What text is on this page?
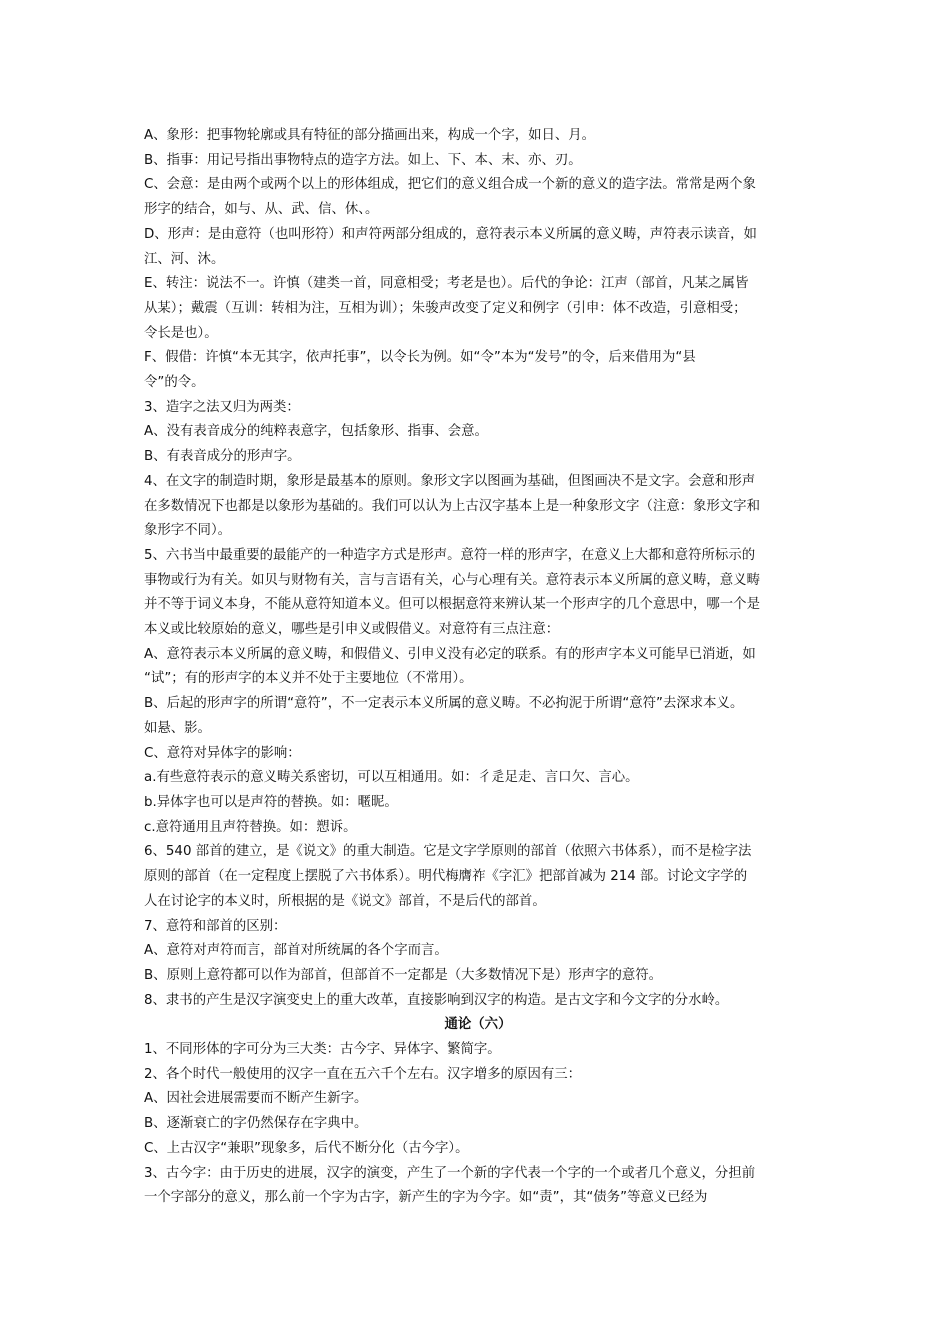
A、象形：把事物轮廓或具有特征的部分描画出来，构成一个字，如日、月。

B、指事：用记号指出事物特点的造字方法。如上、下、本、末、亦、刃。

C、会意：是由两个或两个以上的形体组成，把它们的意义组合成一个新的意义的造字法。常常是两个象
形字的结合，如与、从、武、信、休、。

D、形声：是由意符（也叫形符）和声符两部分组成的，意符表示本义所属的意义畴，声符表示读音，如
江、河、沐。

E、转注：说法不一。许慎（建类一首，同意相受；考老是也）。后代的争论：江声（部首，凡某之属皆
从某）；戴震（互训：转相为注，互相为训）；朱骏声改变了定义和例字（引申：体不改造，引意相受；
令长是也）。

F、假借：许慎“本无其字，依声托事”，以令长为例。如“令”本为“发号”的令，后来借用为“县
令”的令。

3、造字之法又归为两类：

A、没有表音成分的纯粹表意字，包括象形、指事、会意。

B、有表音成分的形声字。

4、在文字的制造时期，象形是最基本的原则。象形文字以图画为基础，但图画决不是文字。会意和形声
在多数情况下也都是以象形为基础的。我们可以认为上古汉字基本上是一种象形文字（注意：象形文字和
象形字不同）。

5、六书当中最重要的最能产的一种造字方式是形声。意符一样的形声字，在意义上大都和意符所标示的
事物或行为有关。如贝与财物有关，言与言语有关，心与心理有关。意符表示本义所属的意义畴，意义畴
并不等于词义本身，不能从意符知道本义。但可以根据意符来辨认某一个形声字的几个意思中，哪一个是
本义或比较原始的意义，哪些是引申义或假借义。对意符有三点注意：

A、意符表示本义所属的意义畴，和假借义、引申义没有必定的联系。有的形声字本义可能早已消逝，如
“试”；有的形声字的本义并不处于主要地位（不常用）。

B、后起的形声字的所谓“意符”，不一定表示本义所属的意义畴。不必拘泥于所谓“意符”去深求本义。
如悬、影。

C、意符对异体字的影响：

a.有些意符表示的意义畴关系密切，可以互相通用。如：彳辵足走、言口欠、言心。

b.异体字也可以是声符的替换。如：暱昵。

c.意符通用且声符替换。如：愬诉。

6、540 部首的建立，是《说文》的重大制造。它是文字学原则的部首（依照六书体系），而不是检字法
原则的部首（在一定程度上摆脱了六书体系）。明代梅膺祚《字汇》把部首减为 214 部。讨论文字学的
人在讨论字的本义时，所根据的是《说文》部首，不是后代的部首。

7、意符和部首的区别：

A、意符对声符而言，部首对所统属的各个字而言。

B、原则上意符都可以作为部首，但部首不一定都是（大多数情况下是）形声字的意符。

8、隶书的产生是汉字演变史上的重大改革，直接影响到汉字的构造。是古文字和今文字的分水岭。

通论（六）

1、不同形体的字可分为三大类：古今字、异体字、繁简字。

2、各个时代一般使用的汉字一直在五六千个左右。汉字增多的原因有三：

A、因社会进展需要而不断产生新字。

B、逐渐衰亡的字仍然保存在字典中。

C、上古汉字“兼职”现象多，后代不断分化（古今字）。

3、古今字：由于历史的进展，汉字的演变，产生了一个新的字代表一个字的一个或者几个意义，分担前
一个字部分的意义，那么前一个字为古字，新产生的字为今字。如“责”，其“债务”等意义已经为
